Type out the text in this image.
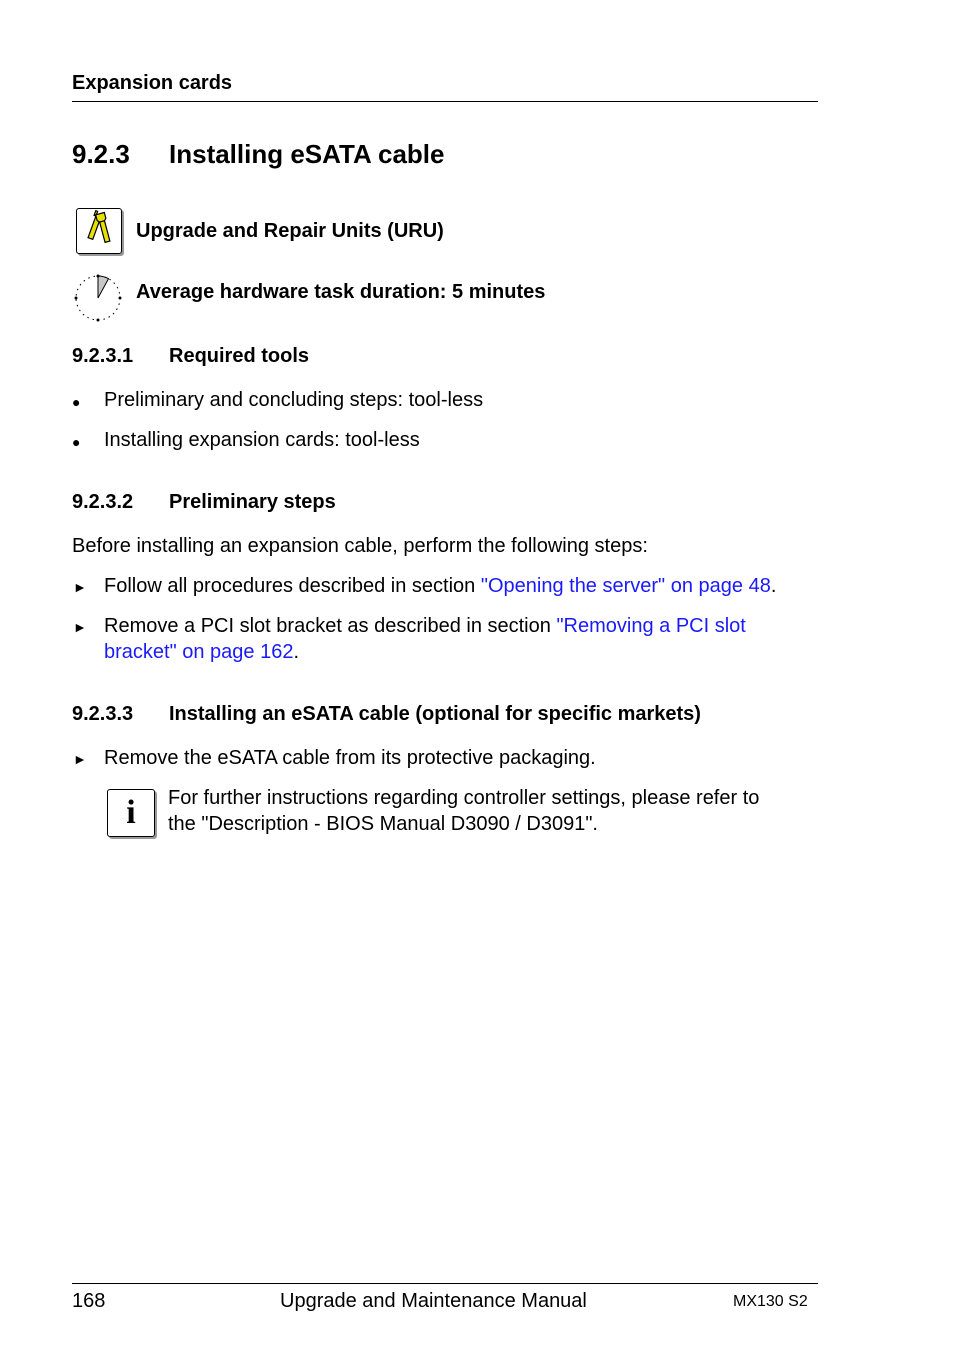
Expansion cards
9.2.3 Installing eSATA cable
Upgrade and Repair Units (URU)
Average hardware task duration: 5 minutes
9.2.3.1 Required tools
● Preliminary and concluding steps: tool-less
● Installing expansion cards: tool-less
9.2.3.2 Preliminary steps
Before installing an expansion cable, perform the following steps:
► Follow all procedures described in section "Opening the server" on page 48.
► Remove a PCI slot bracket as described in section "Removing a PCI slot
bracket" on page 162.
9.2.3.3 Installing an eSATA cable (optional for specific markets)
► Remove the eSATA cable from its protective packaging.
i	For further instructions regarding controller settings, please refer to
the "Description - BIOS Manual D3090 / D3091".
168	Upgrade and Maintenance Manual	MX130 S2
